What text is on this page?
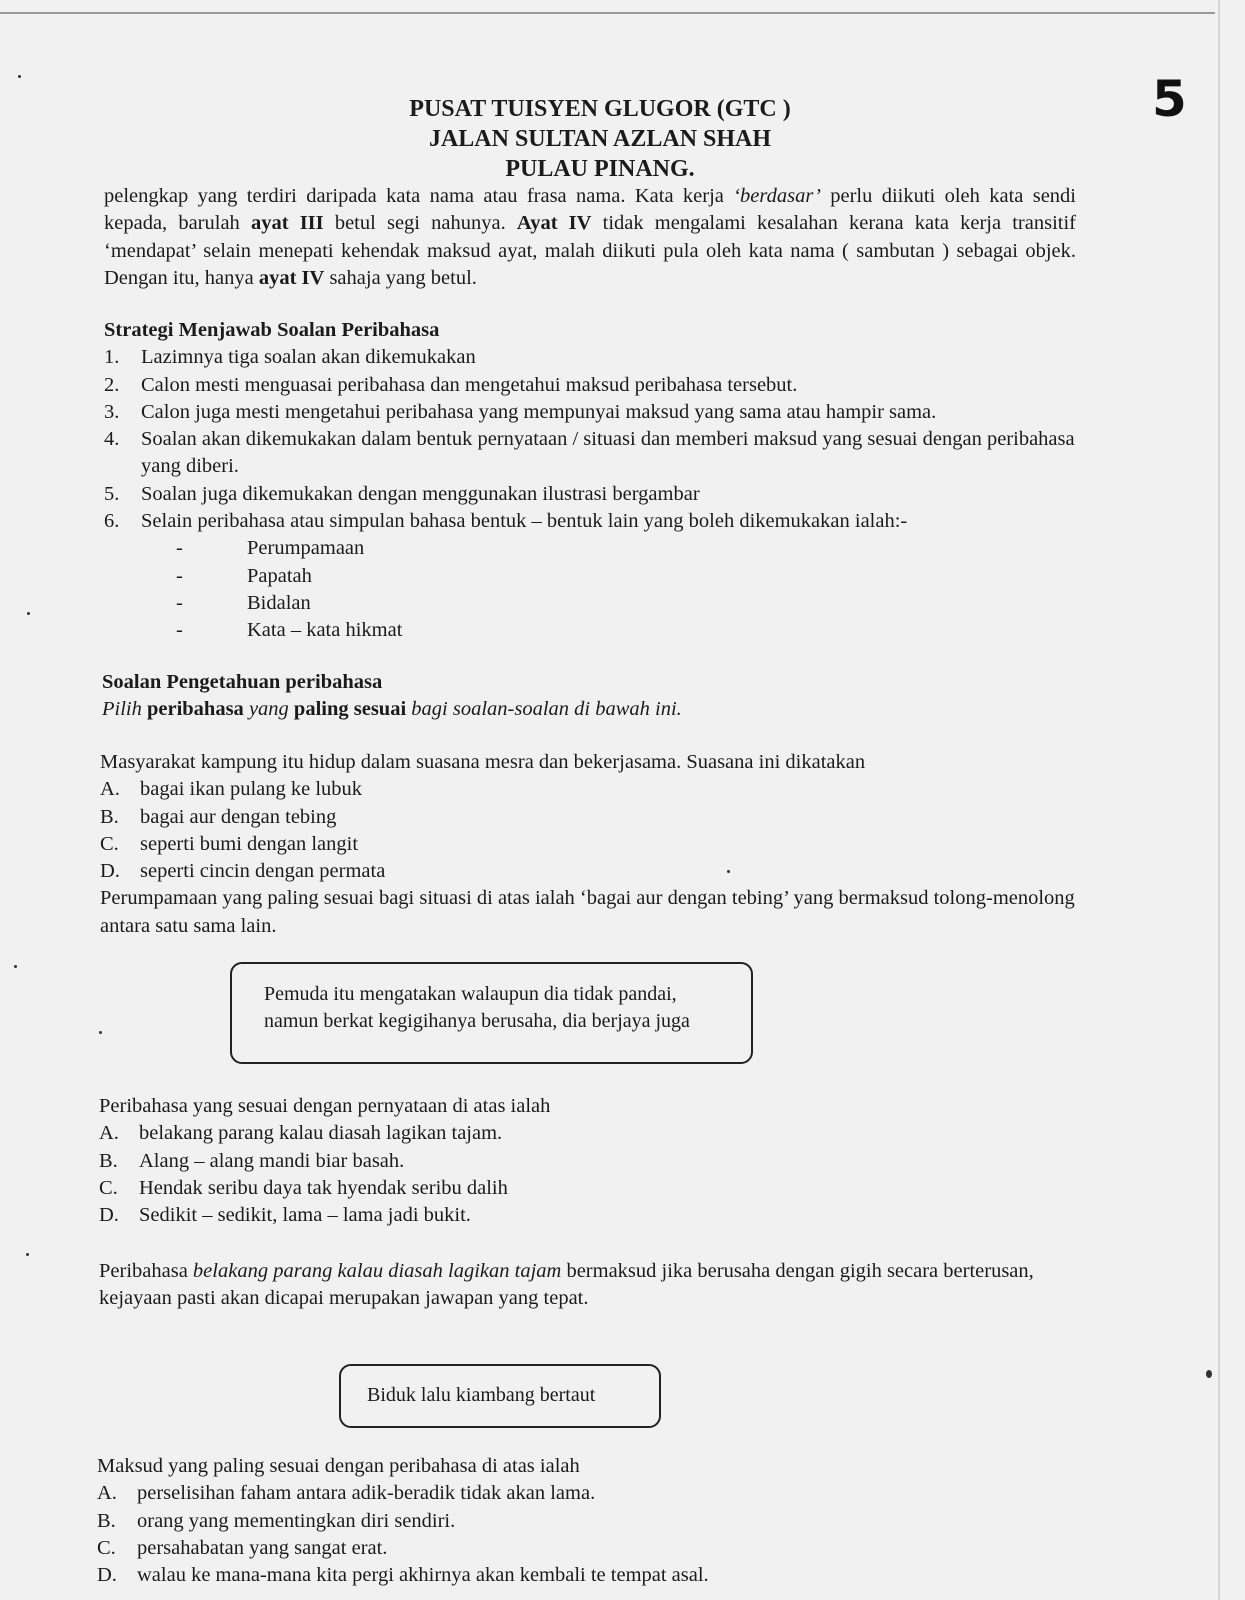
5
PUSAT TUISYEN GLUGOR (GTC )
JALAN SULTAN AZLAN SHAH
PULAU PINANG.
pelengkap yang terdiri daripada kata nama atau frasa nama. Kata kerja ‘berdasar’ perlu diikuti oleh kata sendi kepada, barulah ayat III betul segi nahunya. Ayat IV tidak mengalami kesalahan kerana kata kerja transitif ‘mendapat’ selain menepati kehendak maksud ayat, malah diikuti pula oleh kata nama ( sambutan ) sebagai objek. Dengan itu, hanya ayat IV sahaja yang betul.
Strategi Menjawab Soalan Peribahasa
1. Lazimnya tiga soalan akan dikemukakan
2. Calon mesti menguasai peribahasa dan mengetahui maksud peribahasa tersebut.
3. Calon juga mesti mengetahui peribahasa yang mempunyai maksud yang sama atau hampir sama.
4.	Soalan akan dikemukakan dalam bentuk pernyataan / situasi dan memberi maksud yang sesuai dengan peribahasa yang diberi.
5. Soalan juga dikemukakan dengan menggunakan ilustrasi bergambar
6. Selain peribahasa atau simpulan bahasa bentuk – bentuk lain yang boleh dikemukakan ialah:-
-	Perumpamaan
-	Papatah
-	Bidalan
-	Kata – kata hikmat
Soalan Pengetahuan peribahasa
Pilih peribahasa yang paling sesuai bagi soalan-soalan di bawah ini.
Masyarakat kampung itu hidup dalam suasana mesra dan bekerjasama. Suasana ini dikatakan
A. bagai ikan pulang ke lubuk
B. bagai aur dengan tebing
C. seperti bumi dengan langit
D. seperti cincin dengan permata
Perumpamaan yang paling sesuai bagi situasi di atas ialah ‘bagai aur dengan tebing’ yang bermaksud tolong-menolong antara satu sama lain.
Pemuda itu mengatakan walaupun dia tidak pandai,
namun berkat kegigihanya berusaha, dia berjaya juga
Peribahasa yang sesuai dengan pernyataan di atas ialah
A. belakang parang kalau diasah lagikan tajam.
B. Alang – alang mandi biar basah.
C. Hendak seribu daya tak hyendak seribu dalih
D. Sedikit – sedikit, lama – lama jadi bukit.
Peribahasa belakang parang kalau diasah lagikan tajam bermaksud jika berusaha dengan gigih secara berterusan, kejayaan pasti akan dicapai merupakan jawapan yang tepat.
Biduk lalu kiambang bertaut
Maksud yang paling sesuai dengan peribahasa di atas ialah
A. perselisihan faham antara adik-beradik tidak akan lama.
B. orang yang mementingkan diri sendiri.
C. persahabatan yang sangat erat.
D. walau ke mana-mana kita pergi akhirnya akan kembali te tempat asal.
